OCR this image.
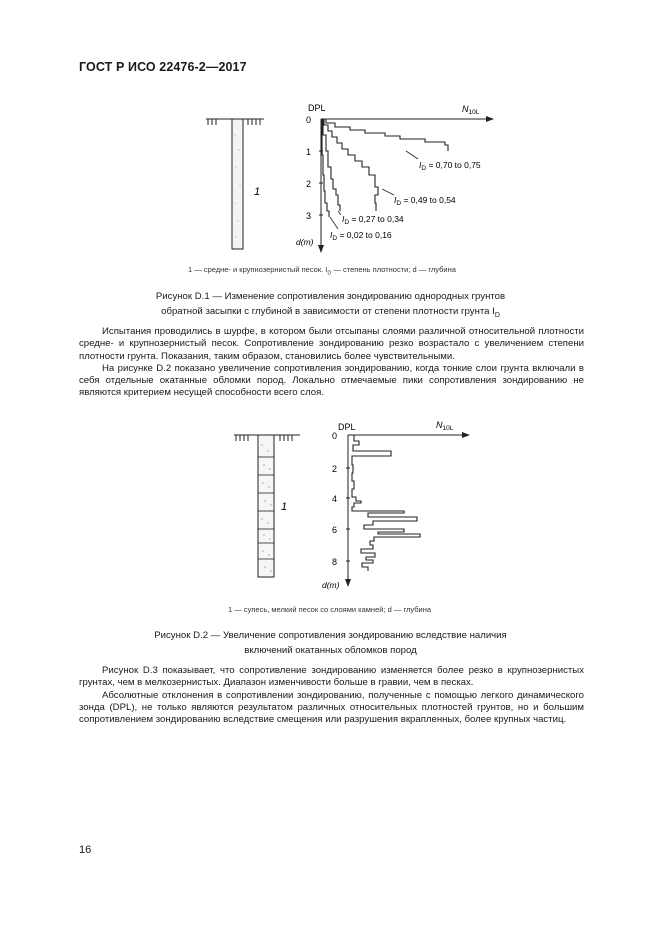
ГОСТ Р ИСО 22476-2—2017
1
DPL	$N_{10L}$
0
1
2
3
d(m)
$I_D = 0,70$ to 0,75
$I_D = 0,49$ to 0,54
$I_D = 0,27$ to 0,34
$I_D = 0,02$ to 0,16
1 — средне- и крупнозернистый песок. $I_D$ — степень плотности; d — глубина
Рисунок D.1 — Изменение сопротивления зондированию однородных грунтов
обратной засыпки с глубиной в зависимости от степени плотности грунта $I_D$

Испытания проводились в шурфе, в котором были отсыпаны слоями различной относительной плотности средне- и крупнозернистый песок. Сопротивление зондированию резко возрастало с увеличением степени плотности грунта. Показания, таким образом, становились более чувствительными.

На рисунке D.2 показано увеличение сопротивления зондированию, когда тонкие слои грунта включали в себя отдельные окатанные обломки пород. Локально отмечаемые пики сопротивления зондированию не являются критерием несущей способности всего слоя.

1
DPL	$N_{10L}$
0
2
4
6
8
d(m)
1 — супесь, мелкий песок со слоями камней; d — глубина
Рисунок D.2 — Увеличение сопротивления зондированию вследствие наличия
включений окатанных обломков пород

Рисунок D.3 показывает, что сопротивление зондированию изменяется более резко в крупнозернистых грунтах, чем в мелкозернистых. Диапазон изменчивости больше в гравии, чем в песках.

Абсолютные отклонения в сопротивлении зондированию, полученные с помощью легкого динамического зонда (DPL), не только являются результатом различных относительных плотностей грунтов, но и большим сопротивлением зондированию вследствие смещения или разрушения вкрапленных, более крупных частиц.

16
